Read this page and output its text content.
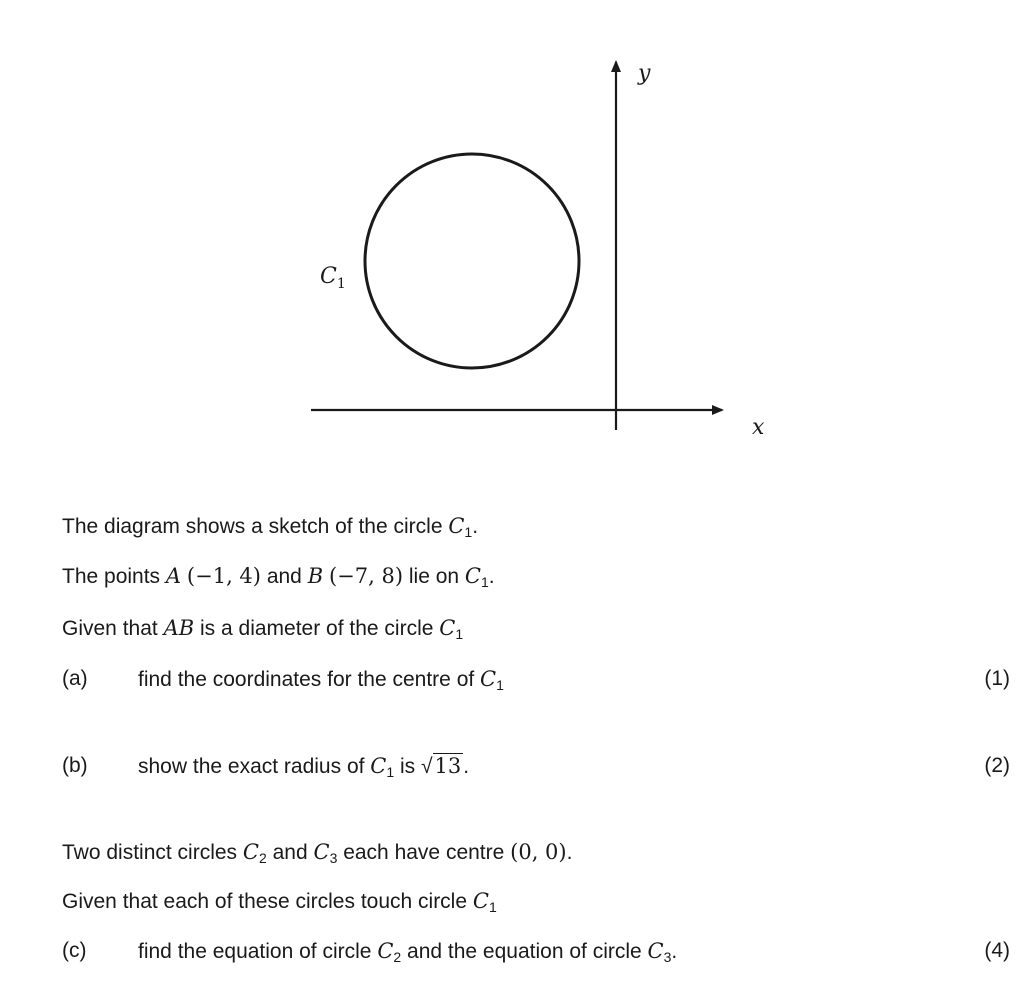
$C_1$
x
y
The diagram shows a sketch of the circle $C_1$.
The points A (−1, 4) and B (−7, 8) lie on $C_1$.
Given that AB is a diameter of the circle $C_1$
(a) find the coordinates for the centre of $C_1$	(1)
(b) show the exact radius of $C_1$ is √13.	(2)
Two distinct circles $C_2$ and $C_3$ each have centre (0, 0).
Given that each of these circles touch circle $C_1$
(c) find the equation of circle $C_2$ and the equation of circle $C_3$.	(4)
